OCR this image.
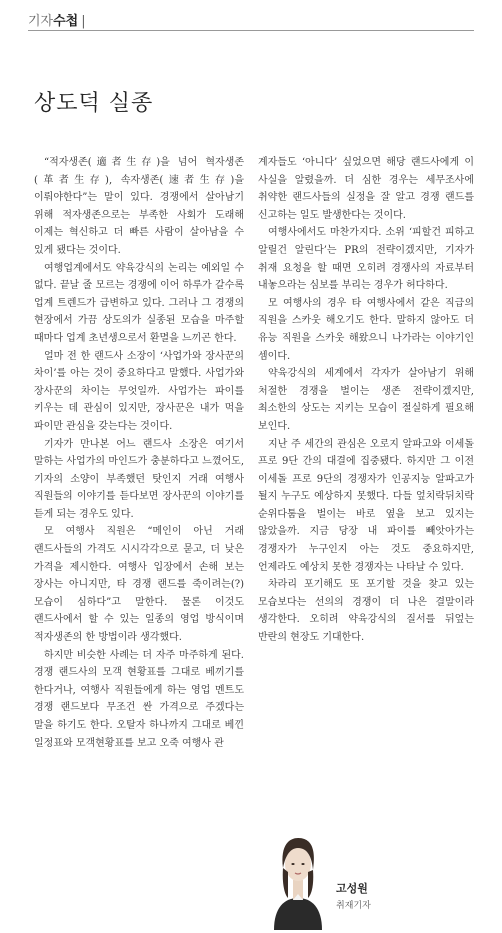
기자수첩 |
상도덕 실종

“적자생존(適者生存)을 넘어 혁자생존(革者生存), 속자생존(速者生存)을 이뤄야한다”는 말이 있다. 경쟁에서 살아남기 위해 적자생존으로는 부족한 사회가 도래해 이제는 혁신하고 더 빠른 사람이 살아남을 수 있게 됐다는 것이다.

여행업계에서도 약육강식의 논리는 예외일 수 없다. 끝날 줄 모르는 경쟁에 이어 하루가 갈수록 업계 트렌드가 급변하고 있다. 그러나 그 경쟁의 현장에서 가끔 상도의가 실종된 모습을 마주할 때마다 업계 초년생으로서 환멸을 느끼곤 한다.

얼마 전 한 랜드사 소장이 ‘사업가와 장사꾼의 차이’를 아는 것이 중요하다고 말했다. 사업가와 장사꾼의 차이는 무엇일까. 사업가는 파이를 키우는 데 관심이 있지만, 장사꾼은 내가 먹을 파이만 관심을 갖는다는 것이다.

기자가 만나본 어느 랜드사 소장은 여기서 말하는 사업가의 마인드가 충분하다고 느꼈어도, 기자의 소양이 부족했던 탓인지 거래 여행사 직원들의 이야기를 듣다보면 장사꾼의 이야기를 듣게 되는 경우도 있다.

모 여행사 직원은 “메인이 아닌 거래 랜드사들의 가격도 시시각각으로 묻고, 더 낮은 가격을 제시한다. 여행사 입장에서 손해 보는 장사는 아니지만, 타 경쟁 랜드를 죽이려는(?) 모습이 심하다”고 말한다. 물론 이것도 랜드사에서 할 수 있는 일종의 영업 방식이며 적자생존의 한 방법이라 생각했다.

하지만 비슷한 사례는 더 자주 마주하게 된다. 경쟁 랜드사의 모객 현황표를 그대로 베끼기를 한다거나, 여행사 직원들에게 하는 영업 멘트도 경쟁 랜드보다 무조건 싼 가격으로 주겠다는 말을 하기도 한다. 오탈자 하나까지 그대로 베낀 일정표와 모객현황표를 보고 오죽 여행사 관

계자들도 ‘아니다’ 싶었으면 해당 랜드사에게 이 사실을 알렸을까. 더 심한 경우는 세무조사에 취약한 랜드사들의 실정을 잘 알고 경쟁 랜드를 신고하는 일도 발생한다는 것이다.

여행사에서도 마찬가지다. 소위 ‘피할건 피하고 알릴건 알린다’는 PR의 전략이겠지만, 기자가 취재 요청을 할 때면 오히려 경쟁사의 자료부터 내놓으라는 심보를 부리는 경우가 허다하다.

모 여행사의 경우 타 여행사에서 같은 직급의 직원을 스카웃 해오기도 한다. 말하지 않아도 더 유능 직원을 스카웃 해왔으니 나가라는 이야기인 셈이다.

약육강식의 세계에서 각자가 살아남기 위해 처절한 경쟁을 벌이는 생존 전략이겠지만, 최소한의 상도는 지키는 모습이 절실하게 필요해 보인다.

지난 주 세간의 관심은 오로지 알파고와 이세돌 프로 9단 간의 대결에 집중됐다. 하지만 그 이전 이세돌 프로 9단의 경쟁자가 인공지능 알파고가 될지 누구도 예상하지 못했다. 다들 엎치락뒤치락 순위다툼을 벌이는 바로 옆을 보고 있지는 않았을까. 지금 당장 내 파이를 빼앗아가는 경쟁자가 누구인지 아는 것도 중요하지만, 언제라도 예상치 못한 경쟁자는 나타날 수 있다.

차라리 포기해도 또 포기할 것을 찾고 있는 모습보다는 선의의 경쟁이 더 나은 결말이라 생각한다. 오히려 약육강식의 질서를 뒤엎는 반란의 현장도 기대한다.

고성원
취재기자
